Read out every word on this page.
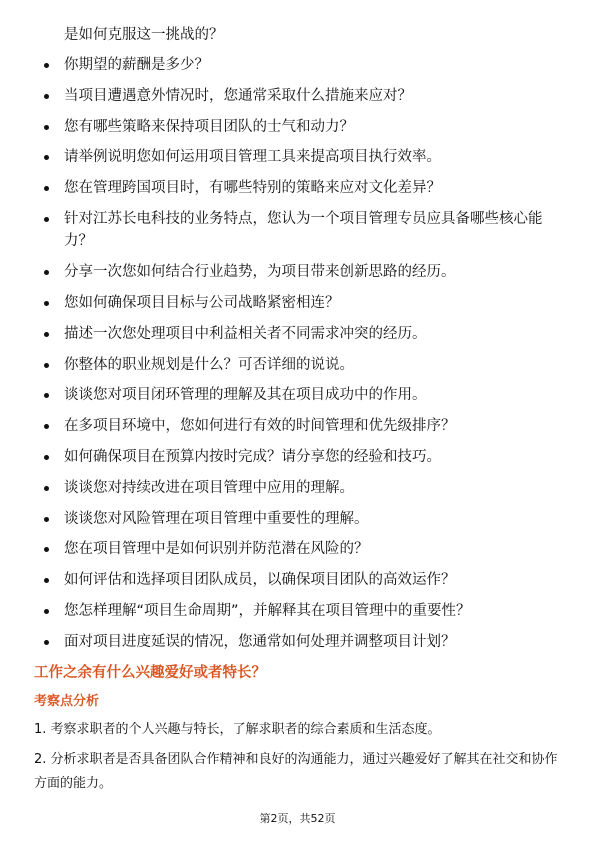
是如何克服这一挑战的？
你期望的薪酬是多少？
当项目遭遇意外情况时，您通常采取什么措施来应对？
您有哪些策略来保持项目团队的士气和动力？
请举例说明您如何运用项目管理工具来提高项目执行效率。
您在管理跨国项目时，有哪些特别的策略来应对文化差异？
针对江苏长电科技的业务特点，您认为一个项目管理专员应具备哪些核心能力？
分享一次您如何结合行业趋势，为项目带来创新思路的经历。
您如何确保项目目标与公司战略紧密相连？
描述一次您处理项目中利益相关者不同需求冲突的经历。
你整体的职业规划是什么？可否详细的说说。
谈谈您对项目闭环管理的理解及其在项目成功中的作用。
在多项目环境中，您如何进行有效的时间管理和优先级排序？
如何确保项目在预算内按时完成？请分享您的经验和技巧。
谈谈您对持续改进在项目管理中应用的理解。
谈谈您对风险管理在项目管理中重要性的理解。
您在项目管理中是如何识别并防范潜在风险的？
如何评估和选择项目团队成员，以确保项目团队的高效运作？
您怎样理解“项目生命周期”，并解释其在项目管理中的重要性？
面对项目进度延误的情况，您通常如何处理并调整项目计划？
工作之余有什么兴趣爱好或者特长？
考察点分析

1. 考察求职者的个人兴趣与特长，了解求职者的综合素质和生活态度。

2. 分析求职者是否具备团队合作精神和良好的沟通能力，通过兴趣爱好了解其在社交和协作方面的能力。

第2页，共52页
